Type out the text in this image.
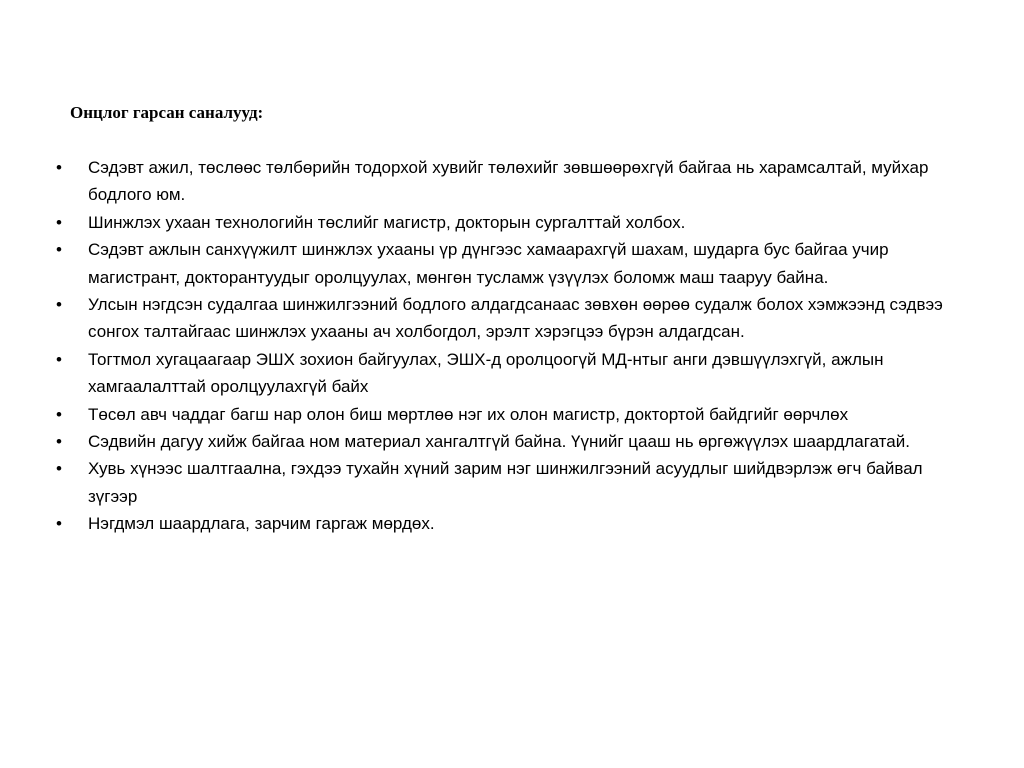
Онцлог гарсан саналууд:
• Сэдэвт ажил, төслөөс төлбөрийн тодорхой хувийг төлөхийг зөвшөөрөхгүй байгаа нь харамсалтай, муйхар бодлого юм.
• Шинжлэх ухаан технологийн төслийг магистр, докторын сургалттай холбох.
• Сэдэвт ажлын санхүүжилт шинжлэх ухааны үр дүнгээс хамаарахгүй шахам, шударга бус байгаа учир магистрант, докторантуудыг оролцуулах, мөнгөн тусламж үзүүлэх боломж маш тааруу байна.
• Улсын нэгдсэн судалгаа шинжилгээний бодлого алдагдсанаас зөвхөн өөрөө судалж болох хэмжээнд сэдвээ сонгох талтайгаас шинжлэх ухааны ач холбогдол, эрэлт хэрэгцээ бүрэн алдагдсан.
• Тогтмол хугацаагаар ЭШХ зохион байгуулах, ЭШХ-д оролцоогүй МД-нтыг анги дэвшүүлэхгүй, ажлын хамгаалалттай оролцуулахгүй байх
• Төсөл авч чаддаг багш нар олон биш мөртлөө нэг их олон магистр, доктортой байдгийг өөрчлөх
• Сэдвийн дагуу хийж байгаа ном материал хангалтгүй байна. Үүнийг цааш нь өргөжүүлэх шаардлагатай.
• Хувь хүнээс шалтгаална, гэхдээ тухайн хүний зарим нэг шинжилгээний асуудлыг шийдвэрлэж өгч байвал зүгээр
• Нэгдмэл шаардлага, зарчим гаргаж мөрдөх.
